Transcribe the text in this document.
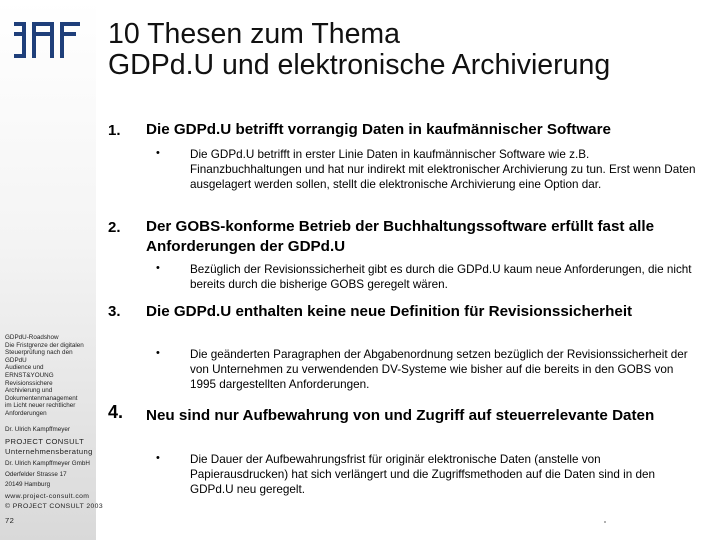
GDPdU-Roadshow
Die Fristgrenze der digitalen
Steuerprüfung nach den
GDPdU
Audience und
ERNST&YOUNG
Revisionssichere
Archivierung und
Dokumentenmanagement
im Licht neuer rechtlicher
Anforderungen
Dr. Ulrich Kampffmeyer
PROJECT CONSULT
Unternehmensberatung
Dr. Ulrich Kampffmeyer GmbH
Oderfelder Strasse 17
20149 Hamburg
www.project-consult.com
© PROJECT CONSULT 2003
72
10 Thesen zum Thema
GDPd.U und elektronische Archivierung
1. Die GDPd.U betrifft vorrangig Daten in kaufmännischer Software
•	Die GDPd.U betrifft in erster Linie Daten in kaufmännischer Software wie z.B. Finanzbuchhaltungen und hat nur indirekt mit elektronischer Archivierung zu tun. Erst wenn Daten ausgelagert werden sollen, stellt die elektronische Archivierung eine Option dar.
2. Der GOBS-konforme Betrieb der Buchhaltungssoftware erfüllt fast alle Anforderungen der GDPd.U
•	Bezüglich der Revisionssicherheit gibt es durch die GDPd.U kaum neue Anforderungen, die nicht bereits durch die bisherige GOBS geregelt wären.
3. Die GDPd.U enthalten keine neue Definition für Revisionssicherheit
•	Die geänderten Paragraphen der Abgabenordnung setzen bezüglich der Revisionssicherheit der von Unternehmen zu verwendenden DV-Systeme wie bisher auf die bereits in den GOBS von 1995 dargestellten Anforderungen.
4. Neu sind nur Aufbewahrung von und Zugriff auf steuerrelevante Daten
•	Die Dauer der Aufbewahrungsfrist für originär elektronische Daten (anstelle von Papierausdrucken) hat sich verlängert und die Zugriffsmethoden auf die Daten sind in den GDPd.U neu geregelt.
